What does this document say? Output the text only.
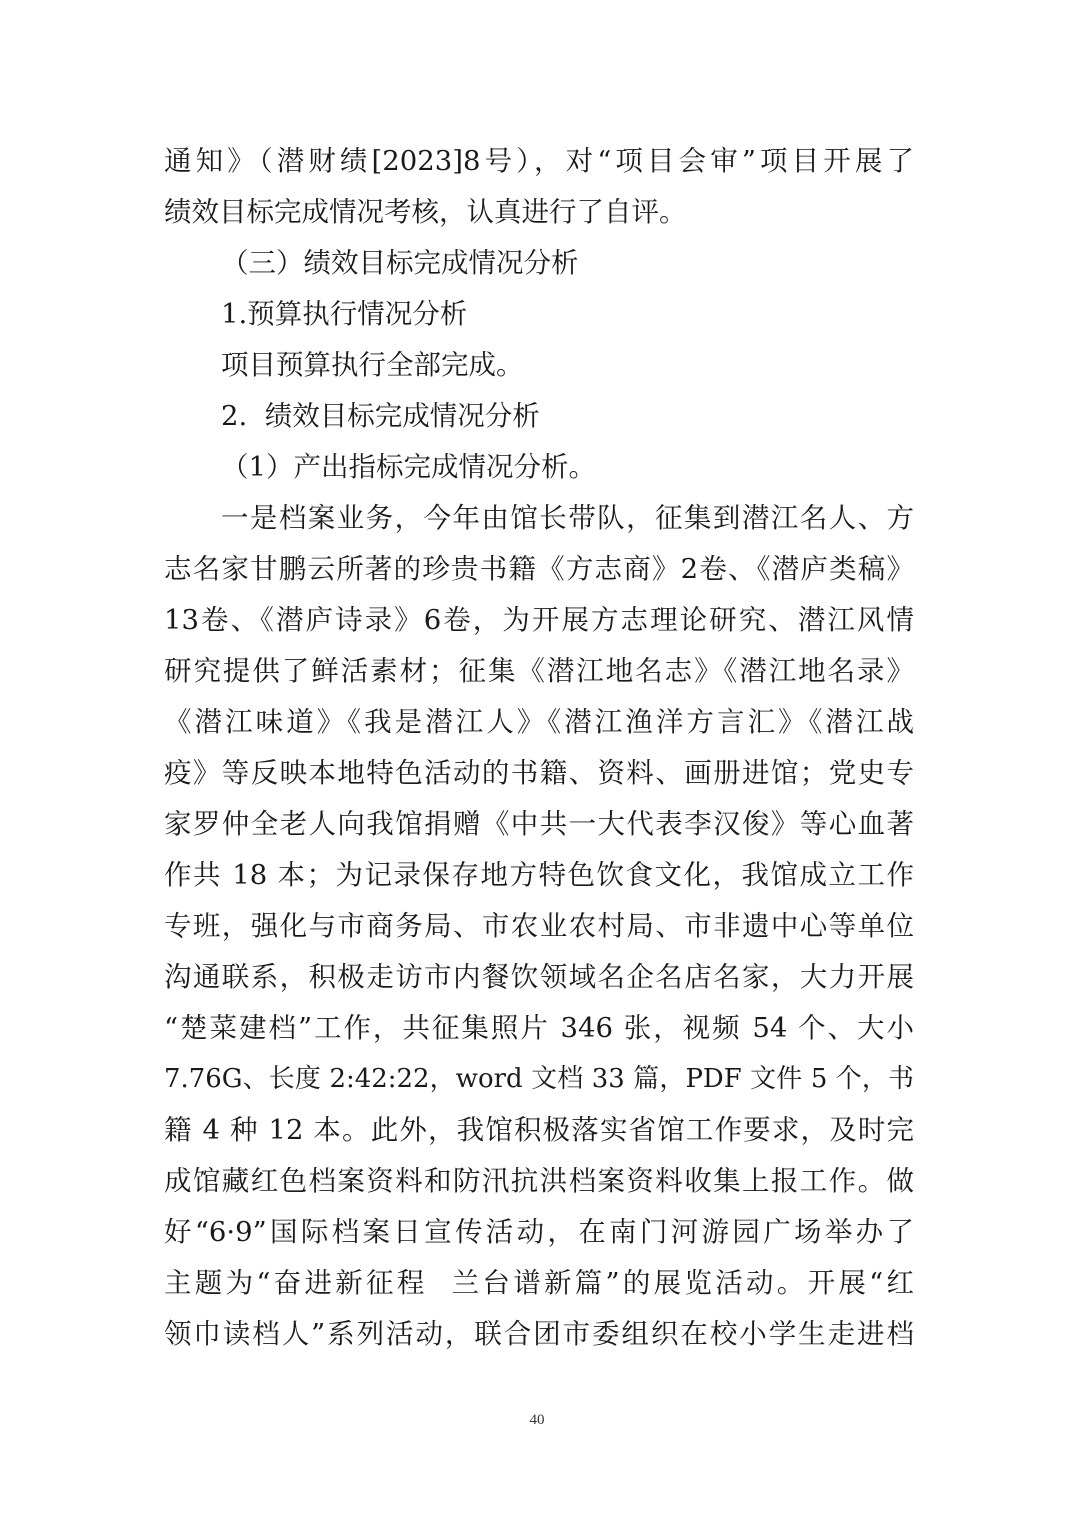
通知》（潜财绩[2023]8号），对“项目会审”项目开展了
绩效目标完成情况考核，认真进行了自评。
（三）绩效目标完成情况分析
1.预算执行情况分析
项目预算执行全部完成。
2.  绩效目标完成情况分析
（1）产出指标完成情况分析。
一是档案业务，今年由馆长带队，征集到潜江名人、方
志名家甘鹏云所著的珍贵书籍《方志商》2卷、《潜庐类稿》
13卷、《潜庐诗录》6卷，为开展方志理论研究、潜江风情
研究提供了鲜活素材；征集《潜江地名志》《潜江地名录》
《潜江味道》《我是潜江人》《潜江渔洋方言汇》《潜江战
疫》等反映本地特色活动的书籍、资料、画册进馆；党史专
家罗仲全老人向我馆捐赠《中共一大代表李汉俊》等心血著
作共 18 本；为记录保存地方特色饮食文化，我馆成立工作
专班，强化与市商务局、市农业农村局、市非遗中心等单位
沟通联系，积极走访市内餐饮领域名企名店名家，大力开展
“楚菜建档”工作，共征集照片 346 张，视频 54 个、大小
7.76G、长度 2:42:22，word 文档 33 篇，PDF 文件 5 个，书
籍 4 种 12 本。此外，我馆积极落实省馆工作要求，及时完
成馆藏红色档案资料和防汛抗洪档案资料收集上报工作。做
好“6·9”国际档案日宣传活动，在南门河游园广场举办了
主题为“奋进新征程  兰台谱新篇”的展览活动。开展“红
领巾读档人”系列活动，联合团市委组织在校小学生走进档
40
